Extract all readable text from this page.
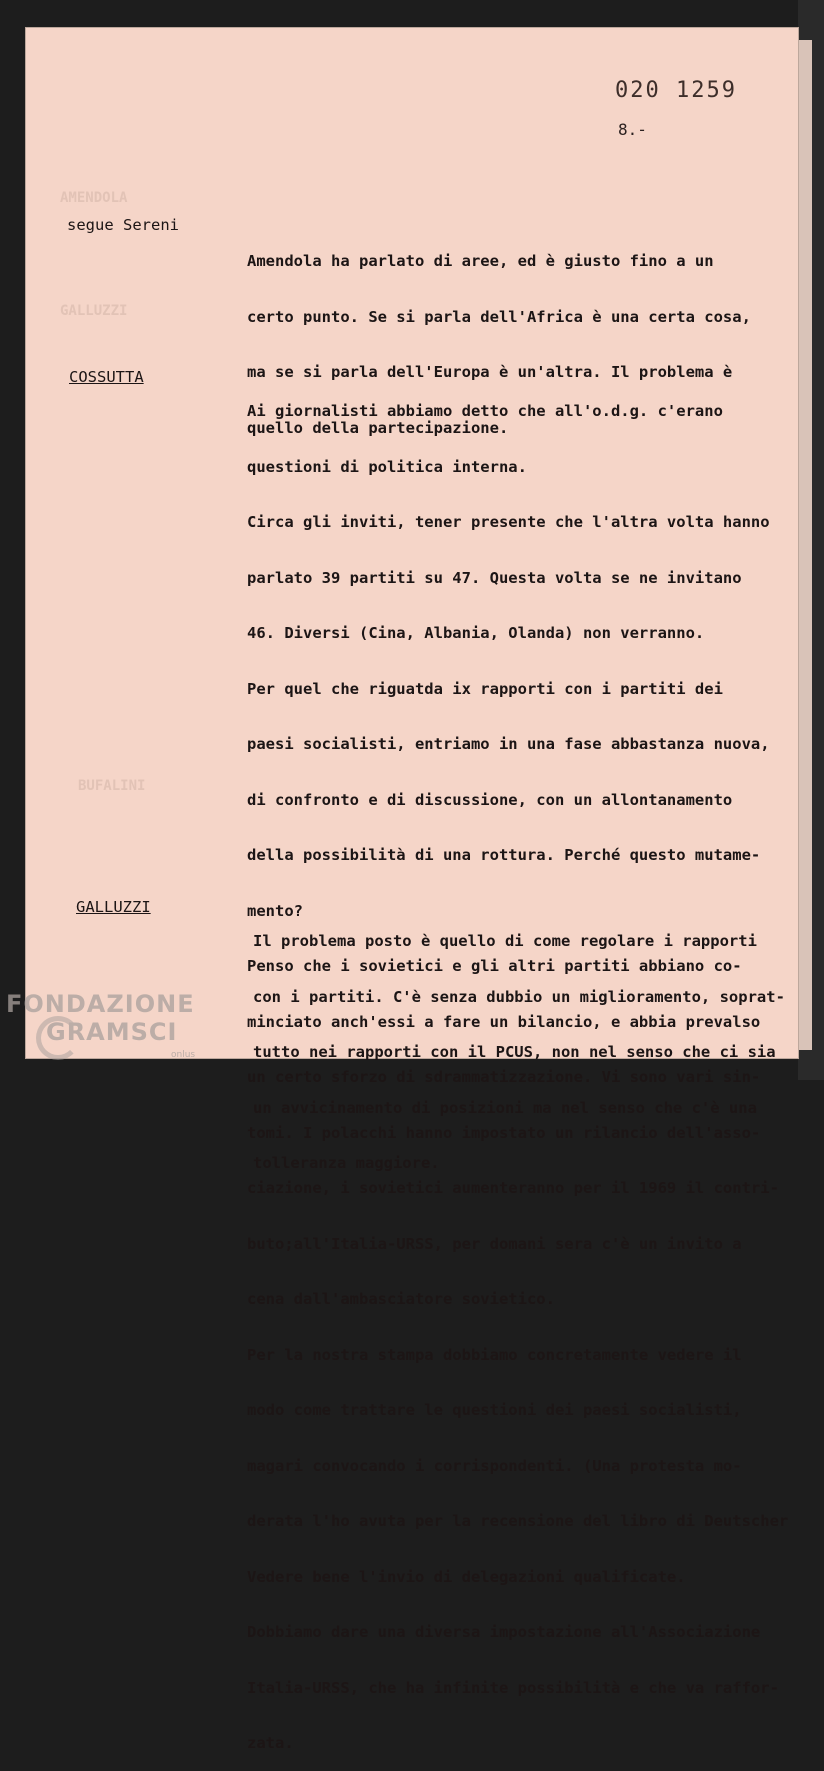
020 1259
8.-
AMENDOLA
GALLUZZI
BUFALINI
segue Sereni

Amendola ha parlato di aree, ed è giusto fino a un

certo punto. Se si parla dell'Africa è una certa cosa,

ma se si parla dell'Europa è un'altra. Il problema è

quello della partecipazione.

COSSUTTA

Ai giornalisti abbiamo detto che all'o.d.g. c'erano

questioni di politica interna.

Circa gli inviti, tener presente che l'altra volta hanno

parlato 39 partiti su 47. Questa volta se ne invitano

46. Diversi (Cina, Albania, Olanda) non verranno.

Per quel che riguatda ix rapporti con i partiti dei

paesi socialisti, entriamo in una fase abbastanza nuova,

di confronto e di discussione, con un allontanamento

della possibilità di una rottura. Perché questo mutame-

mento?

Penso che i sovietici e gli altri partiti abbiano co-

minciato anch'essi a fare un bilancio, e abbia prevalso

un certo sforzo di sdrammatizzazione. Vi sono vari sin-

tomi. I polacchi hanno impostato un rilancio dell'asso-

ciazione, i sovietici aumenteranno per il 1969 il contri-

buto;all'Italia-URSS, per domani sera c'è un invito a

cena dall'ambasciatore sovietico.

Per la nostra stampa dobbiamo concretamente vedere il

modo come trattare le questioni dei paesi socialisti,

magari convocando i corrispondenti. (Una protesta mo-

derata l'ho avuta per la recensione del libro di Deutscher

Vedere bene l'invio di delegazioni qualificate.

Dobbiamo dare una diversa impostazione all'Associazione

Italia-URSS, che ha infinite possibilità e che va raffor-

zata.

GALLUZZI

Il problema posto è quello di come regolare i rapporti

con i partiti. C'è senza dubbio un miglioramento, soprat-

tutto nei rapporti con il PCUS, non nel senso che ci sia

un avvicinamento di posizioni ma nel senso che c'è una

tolleranza maggiore.

FONDAZIONE
GRAMSCI
onlus
